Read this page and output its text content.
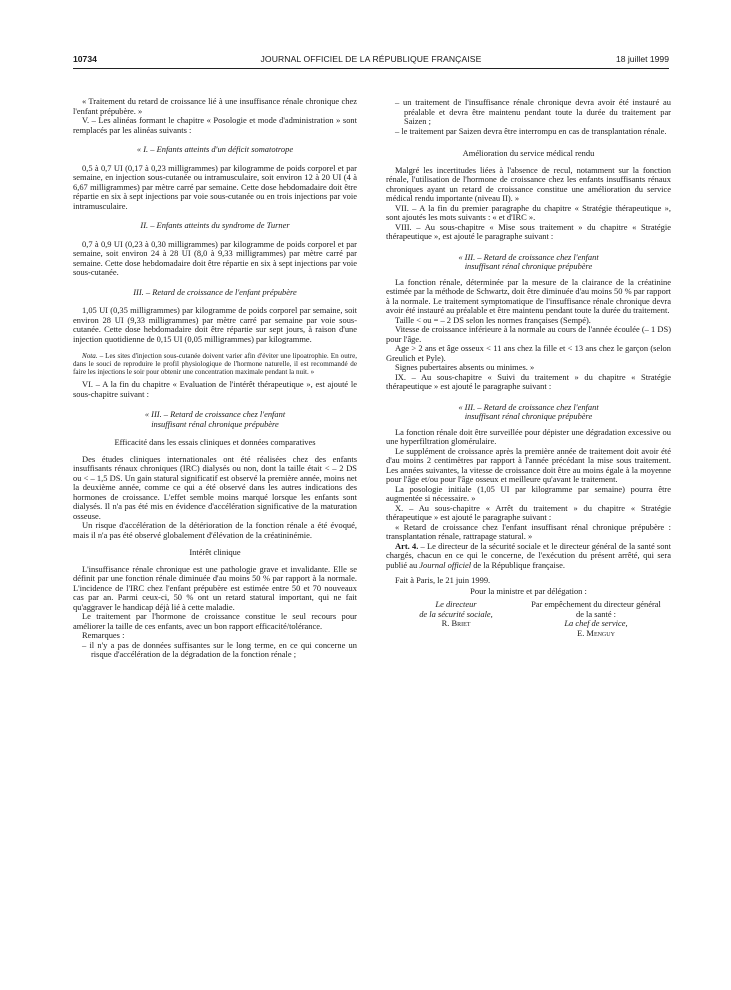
10734	JOURNAL OFFICIEL DE LA RÉPUBLIQUE FRANÇAISE	18 juillet 1999

« Traitement du retard de croissance lié à une insuffisance rénale chronique chez l'enfant prépubère. »

V. – Les alinéas formant le chapitre « Posologie et mode d'administration » sont remplacés par les alinéas suivants :

« I. – Enfants atteints d'un déficit somatotrope

0,5 à 0,7 UI (0,17 à 0,23 milligrammes) par kilogramme de poids corporel et par semaine, en injection sous-cutanée ou intramusculaire, soit environ 12 à 20 UI (4 à 6,67 milligrammes) par mètre carré par semaine. Cette dose hebdomadaire doit être répartie en six à sept injections par voie sous-cutanée ou en trois injections par voie intramusculaire.

II. – Enfants atteints du syndrome de Turner

0,7 à 0,9 UI (0,23 à 0,30 milligrammes) par kilogramme de poids corporel et par semaine, soit environ 24 à 28 UI (8,0 à 9,33 milligrammes) par mètre carré par semaine. Cette dose hebdomadaire doit être répartie en six à sept injections par voie sous-cutanée.

III. – Retard de croissance de l'enfant prépubère

1,05 UI (0,35 milligrammes) par kilogramme de poids corporel par semaine, soit environ 28 UI (9,33 milligrammes) par mètre carré par semaine par voie sous-cutanée. Cette dose hebdomadaire doit être répartie sur sept jours, à raison d'une injection quotidienne de 0,15 UI (0,05 milligrammes) par kilogramme.

Nota. – Les sites d'injection sous-cutanée doivent varier afin d'éviter une lipoatrophie. En outre, dans le souci de reproduire le profil physiologique de l'hormone naturelle, il est recommandé de faire les injections le soir pour obtenir une concentration maximale pendant la nuit. »

VI. – A la fin du chapitre « Evaluation de l'intérêt thérapeutique », est ajouté le sous-chapitre suivant :

« III. – Retard de croissance chez l'enfant
insuffisant rénal chronique prépubère

Efficacité dans les essais cliniques et données comparatives

Des études cliniques internationales ont été réalisées chez des enfants insuffisants rénaux chroniques (IRC) dialysés ou non, dont la taille était < – 2 DS ou < – 1,5 DS. Un gain statural significatif est observé la première année, moins net la deuxième année, comme ce qui a été observé dans les autres indications des hormones de croissance. L'effet semble moins marqué lorsque les enfants sont dialysés. Il n'a pas été mis en évidence d'accélération significative de la maturation osseuse.

Un risque d'accélération de la détérioration de la fonction rénale a été évoqué, mais il n'a pas été observé globalement d'élévation de la créatininémie.

Intérêt clinique

L'insuffisance rénale chronique est une pathologie grave et invalidante. Elle se définit par une fonction rénale diminuée d'au moins 50 % par rapport à la normale. L'incidence de l'IRC chez l'enfant prépubère est estimée entre 50 et 70 nouveaux cas par an. Parmi ceux-ci, 50 % ont un retard statural important, qui ne fait qu'aggraver le handicap déjà lié à cette maladie.

Le traitement par l'hormone de croissance constitue le seul recours pour améliorer la taille de ces enfants, avec un bon rapport efficacité/tolérance.

Remarques :

– il n'y a pas de données suffisantes sur le long terme, en ce qui concerne un risque d'accélération de la dégradation de la fonction rénale ;

– un traitement de l'insuffisance rénale chronique devra avoir été instauré au préalable et devra être maintenu pendant toute la durée du traitement par Saizen ;

– le traitement par Saizen devra être interrompu en cas de transplantation rénale.

Amélioration du service médical rendu

Malgré les incertitudes liées à l'absence de recul, notamment sur la fonction rénale, l'utilisation de l'hormone de croissance chez les enfants insuffisants rénaux chroniques ayant un retard de croissance constitue une amélioration du service médical rendu importante (niveau II). »

VII. – A la fin du premier paragraphe du chapitre « Stratégie thérapeutique », sont ajoutés les mots suivants : « et d'IRC ».

VIII. – Au sous-chapitre « Mise sous traitement » du chapitre « Stratégie thérapeutique », est ajouté le paragraphe suivant :

« III. – Retard de croissance chez l'enfant
insuffisant rénal chronique prépubère

La fonction rénale, déterminée par la mesure de la clairance de la créatinine estimée par la méthode de Schwartz, doit être diminuée d'au moins 50 % par rapport à la normale. Le traitement symptomatique de l'insuffisance rénale chronique devra avoir été instauré au préalable et être maintenu pendant toute la durée du traitement.

Taille < ou = – 2 DS selon les normes françaises (Sempé).

Vitesse de croissance inférieure à la normale au cours de l'année écoulée (– 1 DS) pour l'âge.

Age > 2 ans et âge osseux < 11 ans chez la fille et < 13 ans chez le garçon (selon Greulich et Pyle).

Signes pubertaires absents ou minimes. »

IX. – Au sous-chapitre « Suivi du traitement » du chapitre « Stratégie thérapeutique » est ajouté le paragraphe suivant :

« III. – Retard de croissance chez l'enfant
insuffisant rénal chronique prépubère

La fonction rénale doit être surveillée pour dépister une dégradation excessive ou une hyperfiltration glomérulaire.

Le supplément de croissance après la première année de traitement doit avoir été d'au moins 2 centimètres par rapport à l'année précédant la mise sous traitement. Les années suivantes, la vitesse de croissance doit être au moins égale à la moyenne pour l'âge et/ou pour l'âge osseux et meilleure qu'avant le traitement.

La posologie initiale (1,05 UI par kilogramme par semaine) pourra être augmentée si nécessaire. »

X. – Au sous-chapitre « Arrêt du traitement » du chapitre « Stratégie thérapeutique » est ajouté le paragraphe suivant :

« Retard de croissance chez l'enfant insuffisant rénal chronique prépubère : transplantation rénale, rattrapage statural. »

Art. 4. – Le directeur de la sécurité sociale et le directeur général de la santé sont chargés, chacun en ce qui le concerne, de l'exécution du présent arrêté, qui sera publié au Journal officiel de la République française.

Fait à Paris, le 21 juin 1999.

Pour la ministre et par délégation :

Le directeur
de la sécurité sociale,
R. Briet
Par empêchement du directeur général
de la santé :
La chef de service,
E. Menguy
